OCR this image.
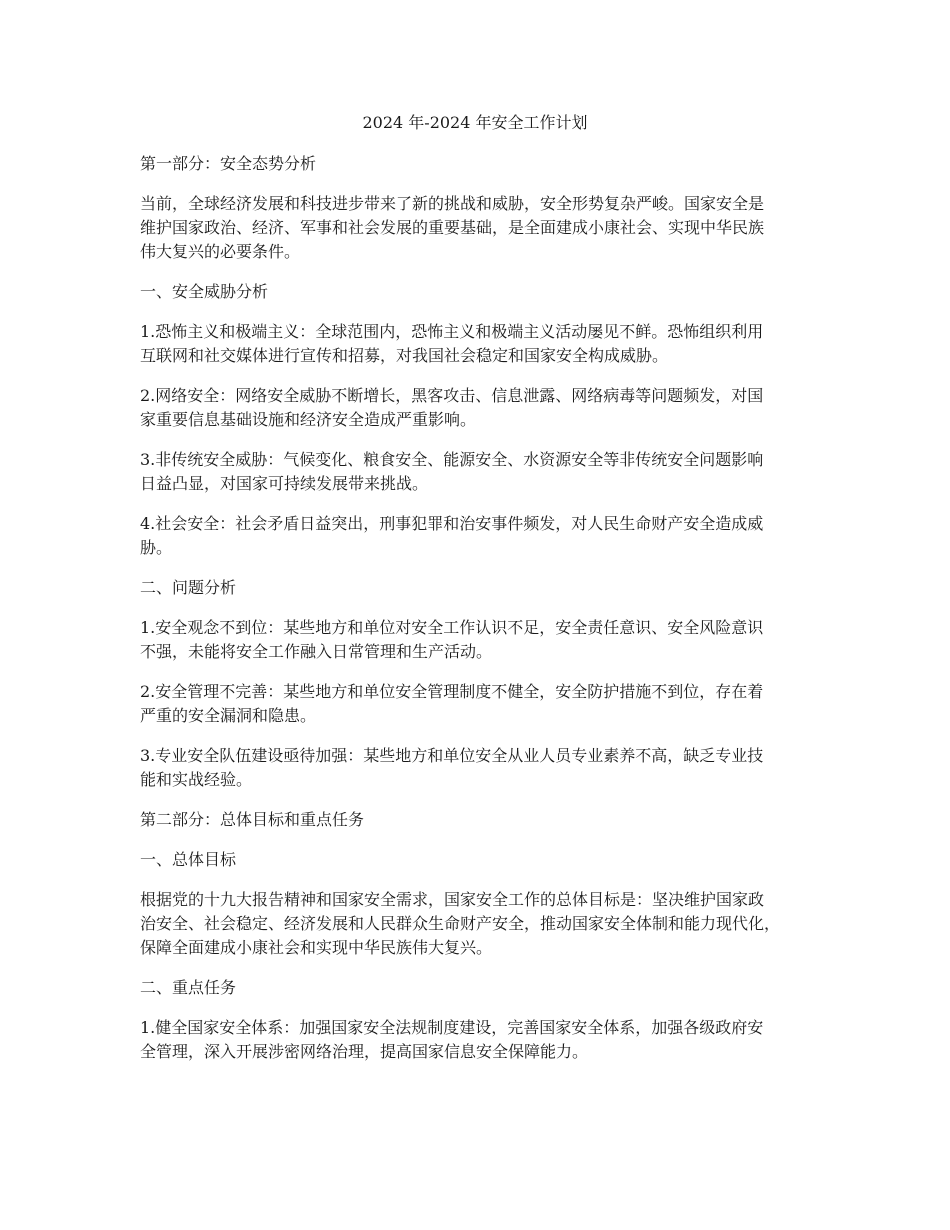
2024 年-2024 年安全工作计划
第一部分：安全态势分析
当前，全球经济发展和科技进步带来了新的挑战和威胁，安全形势复杂严峻。国家安全是
维护国家政治、经济、军事和社会发展的重要基础，是全面建成小康社会、实现中华民族
伟大复兴的必要条件。
一、安全威胁分析
1.恐怖主义和极端主义：全球范围内，恐怖主义和极端主义活动屡见不鲜。恐怖组织利用
互联网和社交媒体进行宣传和招募，对我国社会稳定和国家安全构成威胁。
2.网络安全：网络安全威胁不断增长，黑客攻击、信息泄露、网络病毒等问题频发，对国
家重要信息基础设施和经济安全造成严重影响。
3.非传统安全威胁：气候变化、粮食安全、能源安全、水资源安全等非传统安全问题影响
日益凸显，对国家可持续发展带来挑战。
4.社会安全：社会矛盾日益突出，刑事犯罪和治安事件频发，对人民生命财产安全造成威
胁。
二、问题分析
1.安全观念不到位：某些地方和单位对安全工作认识不足，安全责任意识、安全风险意识
不强，未能将安全工作融入日常管理和生产活动。
2.安全管理不完善：某些地方和单位安全管理制度不健全，安全防护措施不到位，存在着
严重的安全漏洞和隐患。
3.专业安全队伍建设亟待加强：某些地方和单位安全从业人员专业素养不高，缺乏专业技
能和实战经验。
第二部分：总体目标和重点任务
一、总体目标
根据党的十九大报告精神和国家安全需求，国家安全工作的总体目标是：坚决维护国家政
治安全、社会稳定、经济发展和人民群众生命财产安全，推动国家安全体制和能力现代化，
保障全面建成小康社会和实现中华民族伟大复兴。
二、重点任务
1.健全国家安全体系：加强国家安全法规制度建设，完善国家安全体系，加强各级政府安
全管理，深入开展涉密网络治理，提高国家信息安全保障能力。
